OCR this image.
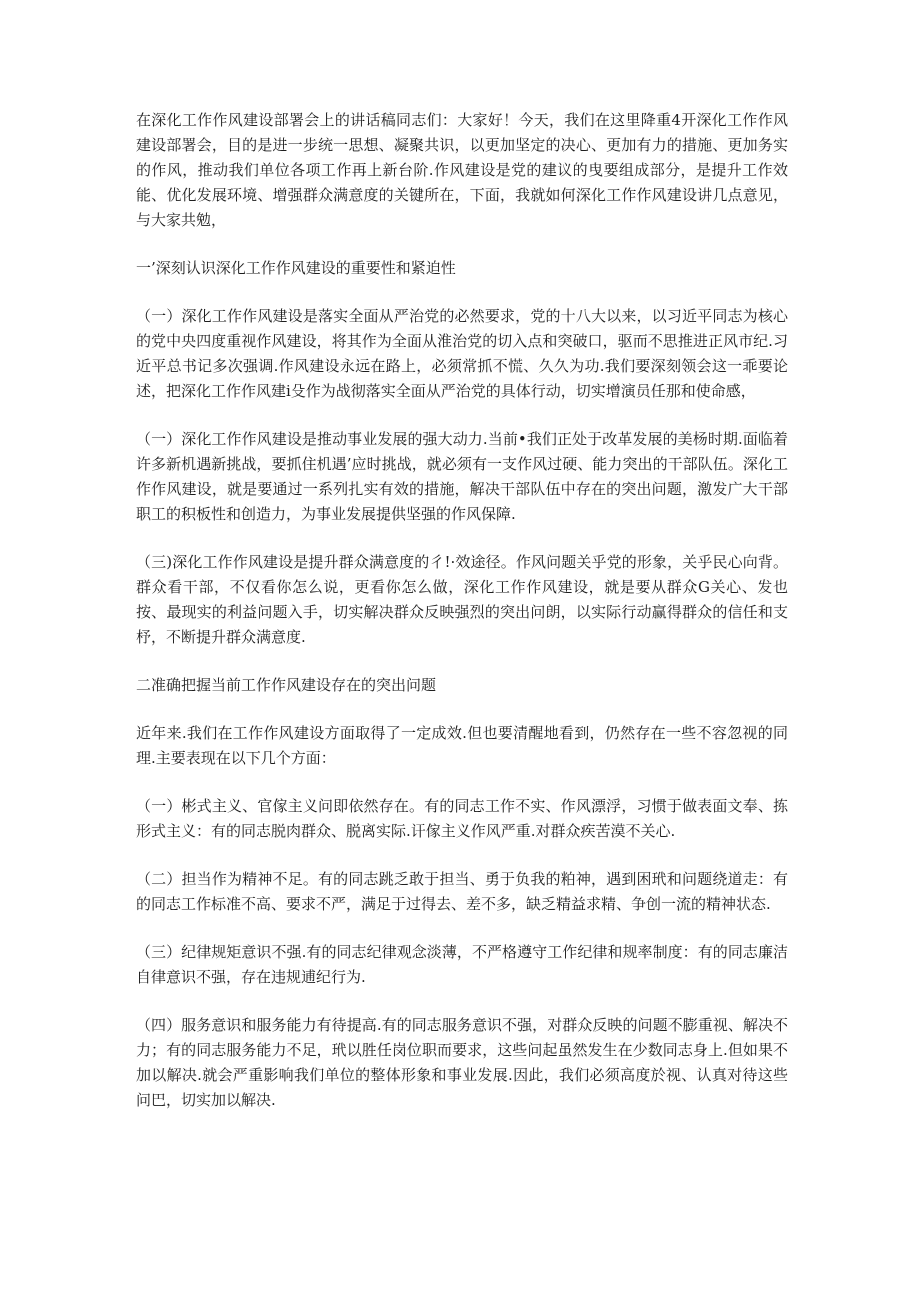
在深化工作作风建设部署会上的讲话稿同志们：大家好！今天，我们在这里降重4开深化工作作风建设部署会，目的是进一步统一思想、凝聚共识，以更加坚定的决心、更加有力的措施、更加务实的作风，推动我们单位各项工作再上新台阶.作风建设是党的建议的曳要组成部分，是提升工作效能、优化发展环境、增强群众满意度的关键所在，下面，我就如何深化工作作风建设讲几点意见，与大家共勉，

一’深刻认识深化工作作风建设的重要性和紧迫性

（一）深化工作作风建设是落实全面从严治党的必然要求，党的十八大以来，以习近平同志为核心的党中央四度重视作风建设，将其作为全面从淮治党的切入点和突破口，驱而不思推进正风市纪.习近平总书记多次强调.作风建设永远在路上，必须常抓不慌、久久为功.我们要深刻领会这一乖要论述，把深化工作作风建i殳作为战彻落实全面从严治党的具体行动，切实增演员任那和使命感，

（一）深化工作作风建设是推动事业发展的强大动力.当前•我们正处于改革发展的美杨时期.面临着许多新机遇新挑战，要抓住机遇’应时挑战，就必须有一支作风过硬、能力突出的干部队伍。深化工作作风建设，就是要通过一系列扎实有效的措施，解决干部队伍中存在的突出问题，激发广大干部职工的积板性和创造力，为事业发展提供坚强的作风保障.

（三)深化工作作风建设是提升群众满意度的彳!·效途径。作风问题关乎党的形象，关乎民心向背。群众看干部，不仅看你怎么说，更看你怎么做，深化工作作风建设，就是要从群众G关心、发也按、最现实的利益问题入手，切实解决群众反映强烈的突出问朗，以实际行动赢得群众的信任和支杼，不断提升群众满意度.

二准确把握当前工作作风建设存在的突出问题

近年来.我们在工作作风建设方面取得了一定成效.但也要清醒地看到，仍然存在一些不容忽视的同理.主要表现在以下几个方面：

（一）彬式主义、官傢主义问即依然存在。有的同志工作不实、作风漂浮，习惯于做表面文奉、拣形式主义：有的同志脱肉群众、脱离实际.讦傢主义作风严重.对群众疾苦漠不关心.

（二）担当作为精神不足。有的同志跳乏敢于担当、勇于负我的粕神，遇到困玳和问题绕道走：有的同志工作标准不高、要求不严，满足于过得去、差不多，缺乏精益求精、争创一流的精神状态.

（三）纪律规矩意识不强.有的同志纪律观念淡薄，不严格遵守工作纪律和规率制度：有的同志廉洁自律意识不强，存在违规逋纪行为.

（四）服务意识和服务能力有待提高.有的同志服务意识不强，对群众反映的问题不膨重视、解决不力；有的同志服务能力不足，玳以胜任岗位职而要求，这些问起虽然发生在少数同志身上.但如果不加以解决.就会严重影响我们单位的整体形象和事业发展.因此，我们必须高度於视、认真对待这些问巴，切实加以解决.
